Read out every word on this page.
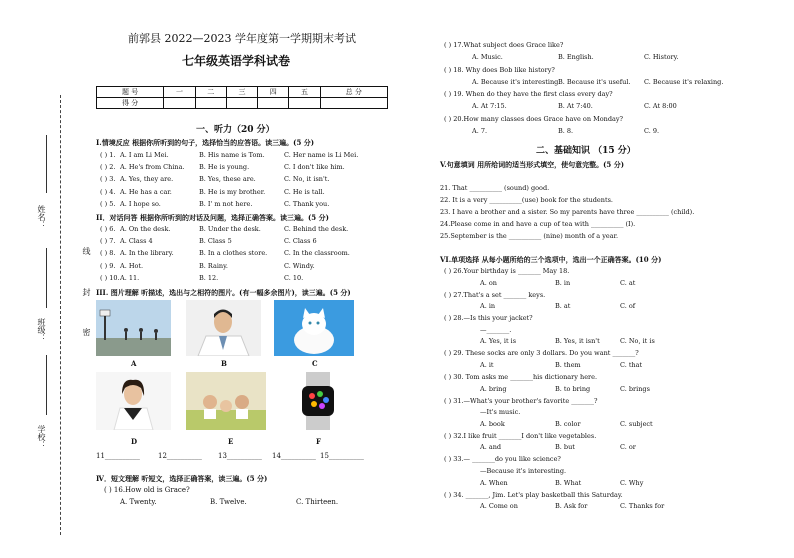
姓名：
班级：
学校：
线
封
密
前郭县 2022—2023 学年度第一学期期末考试
七年级英语学科试卷
题 号	一	二	三	四	五	总 分
得 分						
一、听力（20 分）
Ⅰ.情境反应 根据你所听到的句子，选择恰当的应答语。读三遍。(5 分)
( ) 1. A. I am Li Mei.	B. His name is Tom.	C. Her name is Li Mei.
( ) 2. A. He's from China. B. He is young.	C. I don't like him.
( ) 3. A. Yes, they are.	B. Yes, these are.	C. No, it isn't.
( ) 4. A. He has a car.	B. He is my brother.	C. He is tall.
( ) 5. A. I hope so.	B. I' m not here.	C. Thank you.
II．对话问答 根据你所听到的对话及问题，选择正确答案。读三遍。(5 分)
( ) 6. A. On the desk.	B. Under the desk.	C. Behind the desk.
( ) 7. A. Class 4	B. Class 5	C. Class 6
( ) 8. A. In the library.	B. In a clothes store.	C. In the classroom.
( ) 9. A. Hot.	B. Rainy.	C. Windy.
( ) 10. A. 11.	B. 12.	C. 10.
III. 图片理解 听描述，选出与之相符的图片。(有一幅多余图片)，读三遍。(5 分)
A	B	C
D	E	F
11__________	12__________ 13__________ 14__________ 15__________
Ⅳ．短文理解 听短文，选择正确答案，读三遍。(5 分)
( ) 16.How old is Grace?
A. Twenty.	B. Twelve.	C. Thirteen.
( ) 17.What subject does Grace like?
A. Music.	B. English.	C. History.
( ) 18. Why does Bob like history?
A. Because it's interesting.
B. Because it's useful. C. Because it's relaxing.
( ) 19. When do they have the first class every day?
A. At 7:15.	B. At 7:40.	C. At 8:00
( ) 20.How many classes does Grace have on Monday?
A. 7.	B. 8.	C. 9.
二、基础知识 （15 分）
V.句意填词 用所给词的适当形式填空，使句意完整。(5 分)
21. That __________ (sound) good.
22. It is a very __________(use) book for the students.
23. I have a brother and a sister. So my parents have three __________ (child).
24.Please come in and have a cup of tea with __________ (I).
25.September is the __________ (nine) month of a year.
VI.单项选择 从每小题所给的三个选项中，选出一个正确答案。(10 分)
( ) 26.Your birthday is _______ May 18.
A. on	B. in	C. at
( ) 27.That's a set _______ keys.
A. in	B. at	C. of
( ) 28.—Is this your jacket?
—_______.
A. Yes, it is	B. Yes, it isn't	C. No, it is
( ) 29. These socks are only 3 dollars. Do you want _______?
A. it	B. them	C. that
( ) 30. Tom asks me _______his dictionary here.
A. bring	B. to bring	C. brings
( ) 31.—What's your brother's favorite _______?
—It's music.
A. book	B. color	C. subject
( ) 32.I like fruit _______I don't like vegetables.
A. and	B. but	C. or
( ) 33.— _______do you like science?
—Because it's interesting.
A. When	B. What	C. Why
( ) 34. _______, Jim. Let's play basketball this Saturday.
A. Come on	B. Ask for	C. Thanks for
